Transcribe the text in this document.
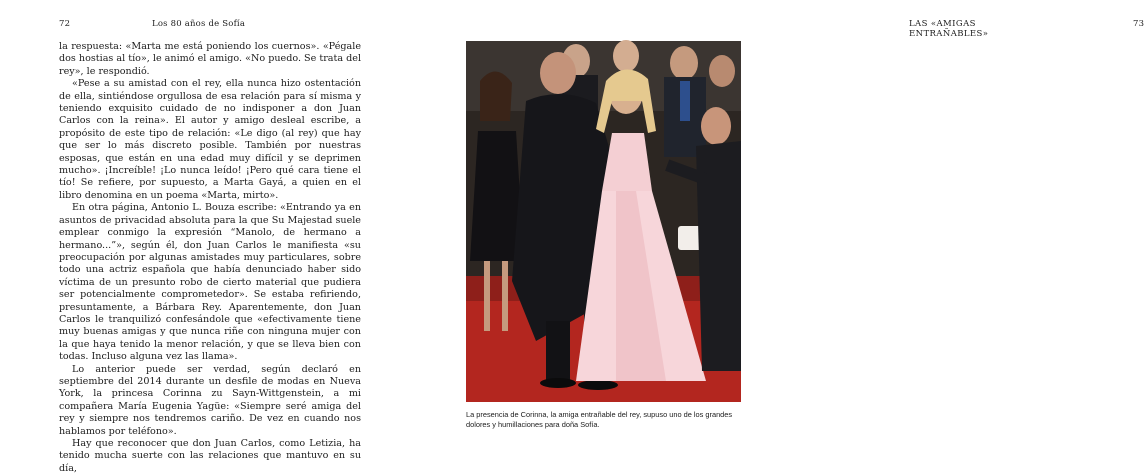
72	Los 80 años de Sofía

la respuesta: «Marta me está poniendo los cuernos». «Pégale dos hostias al tío», le animó el amigo. «No puedo. Se trata del rey», le respondió.

«Pese a su amistad con el rey, ella nunca hizo ostentación de ella, sintiéndose orgullosa de esa relación para sí misma y teniendo exquisito cuidado de no indisponer a don Juan Carlos con la reina». El autor y amigo desleal escribe, a propósito de este tipo de relación: «Le digo (al rey) que hay que ser lo más discreto posible. También por nuestras esposas, que están en una edad muy difícil y se deprimen mucho». ¡Increíble! ¡Lo nunca leído! ¡Pero qué cara tiene el tío! Se refiere, por supuesto, a Marta Gayá, a quien en el libro denomina en un poema «Marta, mirto».

En otra página, Antonio L. Bouza escribe: «Entrando ya en asuntos de privacidad absoluta para la que Su Majestad suele emplear conmigo la expresión “Manolo, de hermano a hermano...”», según él, don Juan Carlos le manifiesta «su preocupación por algunas amistades muy particulares, sobre todo una actriz española que había denunciado haber sido víctima de un presunto robo de cierto material que pudiera ser potencialmente comprometedor». Se estaba refiriendo, presuntamente, a Bárbara Rey. Aparentemente, don Juan Carlos le tranquilizó confesándole que «efectivamente tiene muy buenas amigas y que nunca riñe con ninguna mujer con la que haya tenido la menor relación, y que se lleva bien con todas. Incluso alguna vez las llama».

Lo anterior puede ser verdad, según declaró en septiembre del 2014 durante un desfile de modas en Nueva York, la princesa Corinna zu Sayn-Wittgenstein, a mi compañera María Eugenia Yagüe: «Siempre seré amiga del rey y siempre nos tendremos cariño. De vez en cuando nos hablamos por teléfono».

Hay que reconocer que don Juan Carlos, como Letizia, ha tenido mucha suerte con las relaciones que mantuvo en su día,

LAS «AMIGAS ENTRAÑABLES»
73
La presencia de Corinna, la amiga entrañable del rey, supuso uno de los grandes dolores y humillaciones para doña Sofía.
